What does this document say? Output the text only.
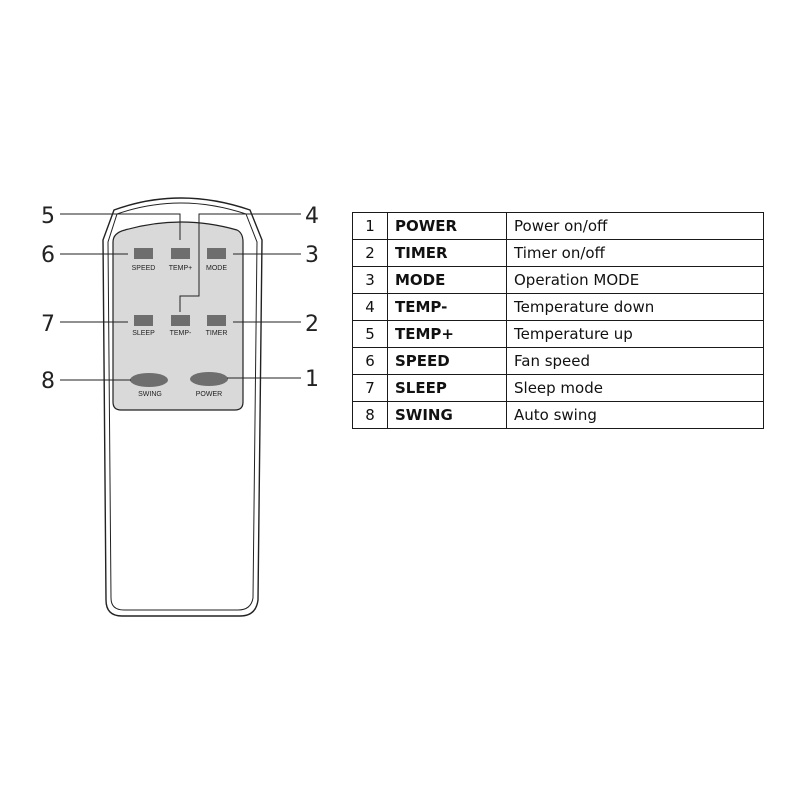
SPEED TEMP+ MODE
SLEEP TEMP- TIMER
SWING	POWER
5	4
6	3
7	2
8	1
1	POWER	Power on/off
2	TIMER	Timer on/off
3	MODE	Operation MODE
4	TEMP-	Temperature down
5	TEMP+	Temperature up
6	SPEED	Fan speed
7	SLEEP	Sleep mode
8	SWING	Auto swing
